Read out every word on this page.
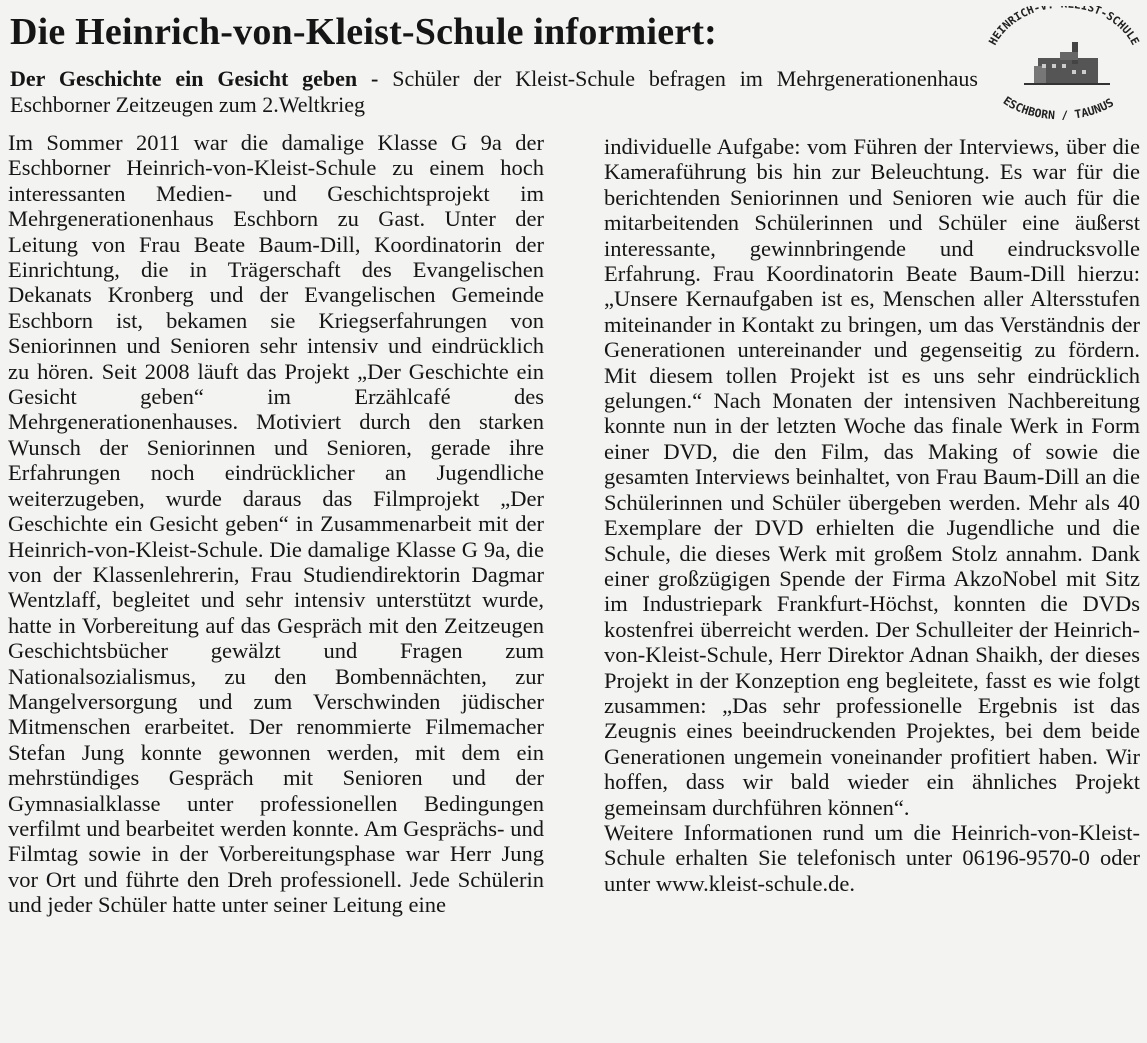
Die Heinrich-von-Kleist-Schule informiert:

Der Geschichte ein Gesicht geben - Schüler der Kleist-Schule befragen im Mehrgenerationenhaus Eschborner Zeitzeugen zum 2.Weltkrieg

HEINRICH-V IST-SCHULE
ESCHBORN / TAUNUS

Im Sommer 2011 war die damalige Klasse G 9a der Eschborner Heinrich-von-Kleist-Schule zu einem hoch interessanten Medien- und Geschichtsprojekt im Mehrgenerationenhaus Eschborn zu Gast. Unter der Leitung von Frau Beate Baum-Dill, Koordinatorin der Einrichtung, die in Trägerschaft des Evangelischen Dekanats Kronberg und der Evangelischen Gemeinde Eschborn ist, bekamen sie Kriegserfahrungen von Seniorinnen und Senioren sehr intensiv und eindrücklich zu hören. Seit 2008 läuft das Projekt „Der Geschichte ein Gesicht geben“ im Erzählcafé des Mehrgenerationenhauses. Motiviert durch den starken Wunsch der Seniorinnen und Senioren, gerade ihre Erfahrungen noch eindrücklicher an Jugendliche weiterzugeben, wurde daraus das Filmprojekt „Der Geschichte ein Gesicht geben“ in Zusammenarbeit mit der Heinrich-von-Kleist-Schule. Die damalige Klasse G 9a, die von der Klassenlehrerin, Frau Studiendirektorin Dagmar Wentzlaff, begleitet und sehr intensiv unterstützt wurde, hatte in Vorbereitung auf das Gespräch mit den Zeitzeugen Geschichtsbücher gewälzt und Fragen zum Nationalsozialismus, zu den Bombennächten, zur Mangelversorgung und zum Verschwinden jüdischer Mitmenschen erarbeitet. Der renommierte Filmemacher Stefan Jung konnte gewonnen werden, mit dem ein mehrstündiges Gespräch mit Senioren und der Gymnasialklasse unter professionellen Bedingungen verfilmt und bearbeitet werden konnte. Am Gesprächs- und Filmtag sowie in der Vorbereitungsphase war Herr Jung vor Ort und führte den Dreh professionell. Jede Schülerin und jeder Schüler hatte unter seiner Leitung eine

individuelle Aufgabe: vom Führen der Interviews, über die Kameraführung bis hin zur Beleuchtung. Es war für die berichtenden Seniorinnen und Senioren wie auch für die mitarbeitenden Schülerinnen und Schüler eine äußerst interessante, gewinnbringende und eindrucksvolle Erfahrung. Frau Koordinatorin Beate Baum-Dill hierzu: „Unsere Kernaufgaben ist es, Menschen aller Altersstufen miteinander in Kontakt zu bringen, um das Verständnis der Generationen untereinander und gegenseitig zu fördern. Mit diesem tollen Projekt ist es uns sehr eindrücklich gelungen.“ Nach Monaten der intensiven Nachbereitung konnte nun in der letzten Woche das finale Werk in Form einer DVD, die den Film, das Making of sowie die gesamten Interviews beinhaltet, von Frau Baum-Dill an die Schülerinnen und Schüler übergeben werden. Mehr als 40 Exemplare der DVD erhielten die Jugendliche und die Schule, die dieses Werk mit großem Stolz annahm. Dank einer großzügigen Spende der Firma AkzoNobel mit Sitz im Industriepark Frankfurt-Höchst, konnten die DVDs kostenfrei überreicht werden. Der Schulleiter der Heinrich-von-Kleist-Schule, Herr Direktor Adnan Shaikh, der dieses Projekt in der Konzeption eng begleitete, fasst es wie folgt zusammen: „Das sehr professionelle Ergebnis ist das Zeugnis eines beeindruckenden Projektes, bei dem beide Generationen ungemein voneinander profitiert haben. Wir hoffen, dass wir bald wieder ein ähnliches Projekt gemeinsam durchführen können“.

Weitere Informationen rund um die Heinrich-von-Kleist-Schule erhalten Sie telefonisch unter 06196-9570-0 oder unter www.kleist-schule.de.
